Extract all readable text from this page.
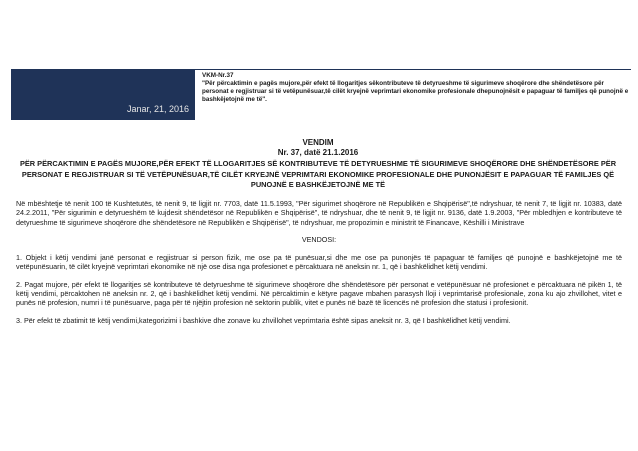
Janar, 21, 2016
VKM-Nr.37
"Për përcaktimin e pagës mujore,për efekt të llogaritjes sëkontributeve të detyrueshme të sigurimeve shoqërore dhe shëndetësore për personat e regjistruar si të vetëpunësuar,të cilët kryejnë veprimtari ekonomike profesionale dhepunojnësit e papaguar të familjes që punojnë e bashkëjetojnë me të".
VENDIM
Nr. 37, datë 21.1.2016
PËR PËRCAKTIMIN E PAGËS MUJORE,PËR EFEKT TË LLOGARITJES SË KONTRIBUTEVE TË DETYRUESHME TË SIGURIMEVE SHOQËRORE DHE SHËNDETËSORE PËR PERSONAT E REGJISTRUAR SI TË VETËPUNËSUAR,TË CILËT KRYEJNË VEPRIMTARI EKONOMIKE PROFESIONALE DHE PUNONJËSIT E PAPAGUAR TË FAMILJES QË PUNOJNË E BASHKËJETOJNË ME TË

Në mbështetje të nenit 100 të Kushtetutës, të nenit 9, të ligjit nr. 7703, datë 11.5.1993, "Për sigurimet shoqërore në Republikën e Shqipërisë",të ndryshuar, të nenit 7, të ligjit nr. 10383, datë 24.2.2011, "Për sigurimin e detyrueshëm të kujdesit shëndetësor në Republikën e Shqipërisë", të ndryshuar, dhe të nenit 9, të ligjit nr. 9136, datë 1.9.2003, "Për mbledhjen e kontributeve të detyrueshme të sigurimeve shoqërore dhe shëndetësore në Republikën e Shqipërisë", të ndryshuar, me propozimin e ministrit të Financave, Këshilli i Ministrave

VENDOSI:

1. Objekt i këtij vendimi janë personat e regjistruar si person fizik, me ose pa të punësuar,si dhe me ose pa punonjës të papaguar të familjes që punojnë e bashkëjetojnë me të vetëpunësuarin, të cilët kryejnë veprimtari ekonomike në një ose disa nga profesionet e përcaktuara në aneksin nr. 1, që i bashkëlidhet këtij vendimi.

2. Pagat mujore, për efekt të llogaritjes së kontributeve të detyrueshme të sigurimeve shoqërore dhe shëndetësore për personat e vetëpunësuar në profesionet e përcaktuara në pikën 1, të këtij vendimi, përcaktohen në aneksin nr. 2, që i bashkëlidhet këtij vendimi. Në përcaktimin e këtyre pagave mbahen parasysh lloji i veprimtarisë profesionale, zona ku ajo zhvillohet, vitet e punës në profesion, numri i të punësuarve, paga për të njëjtin profesion në sektorin publik, vitet e punës në bazë të licencës në profesion dhe statusi i profesionit.

3. Për efekt të zbatimit të këtij vendimi,kategorizimi i bashkive dhe zonave ku zhvillohet veprimtaria është sipas aneksit nr. 3, që I bashkëlidhet këtij vendimi.
